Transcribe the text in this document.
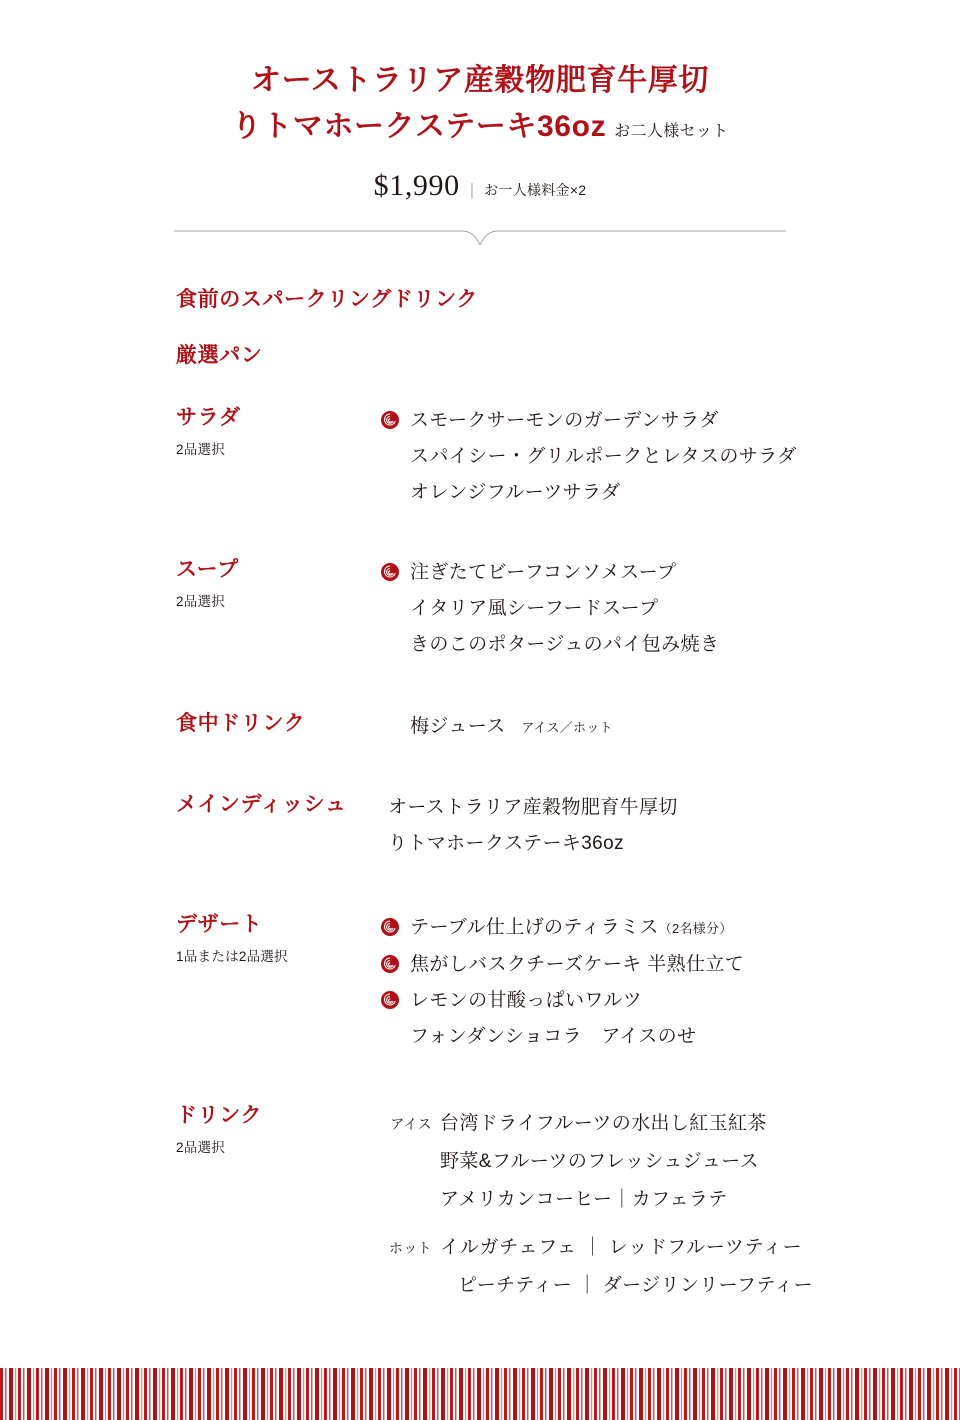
オーストラリア産穀物肥育牛厚切
りトマホークステーキ36oz お二人様セット
$1,990 | お一人様料金×2
食前のスパークリングドリンク
厳選パン
サラダ
2品選択
スモークサーモンのガーデンサラダ
スパイシー・グリルポークとレタスのサラダ
オレンジフルーツサラダ
スープ
2品選択
注ぎたてビーフコンソメスープ
イタリア風シーフードスープ
きのこのポタージュのパイ包み焼き
食中ドリンク	梅ジュース アイス／ホット
メインディッシュ	オーストラリア産穀物肥育牛厚切
りトマホークステーキ36oz
デザート
1品または2品選択
テーブル仕上げのティラミス（2名様分）
焦がしバスクチーズケーキ 半熟仕立て
レモンの甘酸っぱいワルツ
フォンダンショコラ　アイスのせ
ドリンク
2品選択
アイス 台湾ドライフルーツの水出し紅玉紅茶
野菜&フルーツのフレッシュジュース
アメリカンコーヒー｜カフェラテ
ホット イルガチェフェ ｜ レッドフルーツティー
ピーチティー ｜ ダージリンリーフティー
